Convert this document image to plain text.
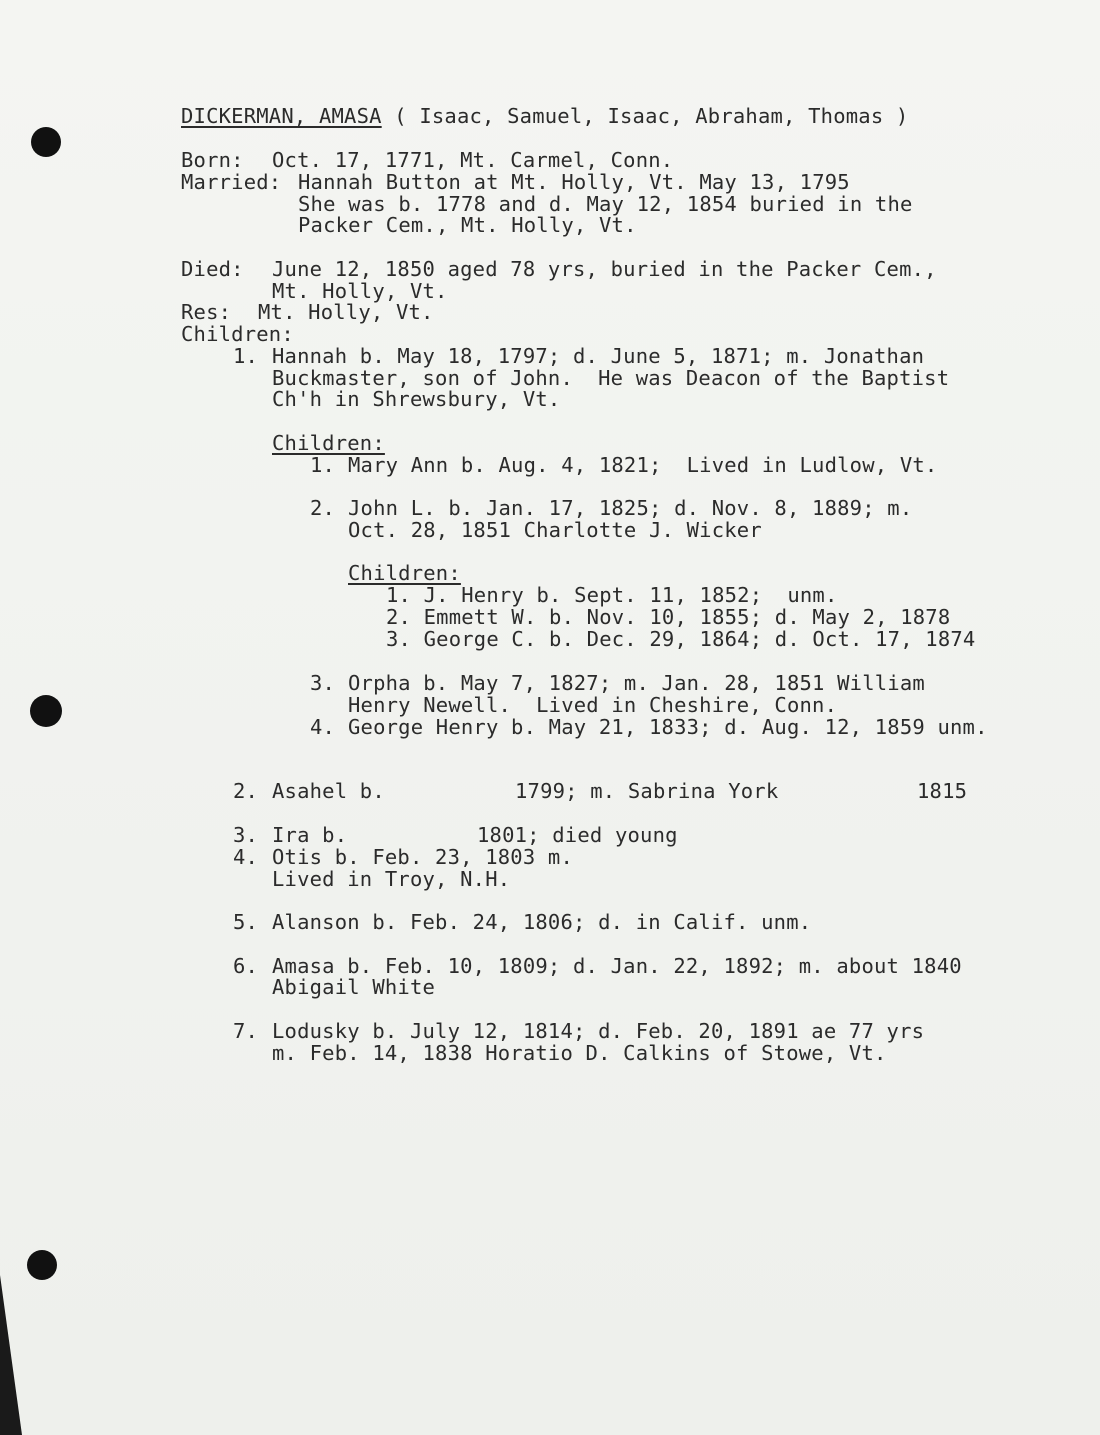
DICKERMAN, AMASA ( Isaac, Samuel, Isaac, Abraham, Thomas )

Born: Oct. 17, 1771, Mt. Carmel, Conn.

Married: Hannah Button at Mt. Holly, Vt. May 13, 1795

She was b. 1778 and d. May 12, 1854 buried in the

Packer Cem., Mt. Holly, Vt.

Died: June 12, 1850 aged 78 yrs, buried in the Packer Cem.,

Mt. Holly, Vt.

Res: Mt. Holly, Vt.

Children:

1. Hannah b. May 18, 1797; d. June 5, 1871; m. Jonathan

Buckmaster, son of John.  He was Deacon of the Baptist

Ch'h in Shrewsbury, Vt.

Children:

1. Mary Ann b. Aug. 4, 1821;  Lived in Ludlow, Vt.

2. John L. b. Jan. 17, 1825; d. Nov. 8, 1889; m.

Oct. 28, 1851 Charlotte J. Wicker

Children:

1. J. Henry b. Sept. 11, 1852;  unm.

2. Emmett W. b. Nov. 10, 1855; d. May 2, 1878

3. George C. b. Dec. 29, 1864; d. Oct. 17, 1874

3. Orpha b. May 7, 1827; m. Jan. 28, 1851 William

Henry Newell.  Lived in Cheshire, Conn.

4. George Henry b. May 21, 1833; d. Aug. 12, 1859 unm.

2. Asahel b.	1799; m. Sabrina York	1815

3. Ira b.	1801; died young

4. Otis b. Feb. 23, 1803 m.

Lived in Troy, N.H.

5. Alanson b. Feb. 24, 1806; d. in Calif. unm.

6. Amasa b. Feb. 10, 1809; d. Jan. 22, 1892; m. about 1840

Abigail White

7. Lodusky b. July 12, 1814; d. Feb. 20, 1891 ae 77 yrs

m. Feb. 14, 1838 Horatio D. Calkins of Stowe, Vt.
